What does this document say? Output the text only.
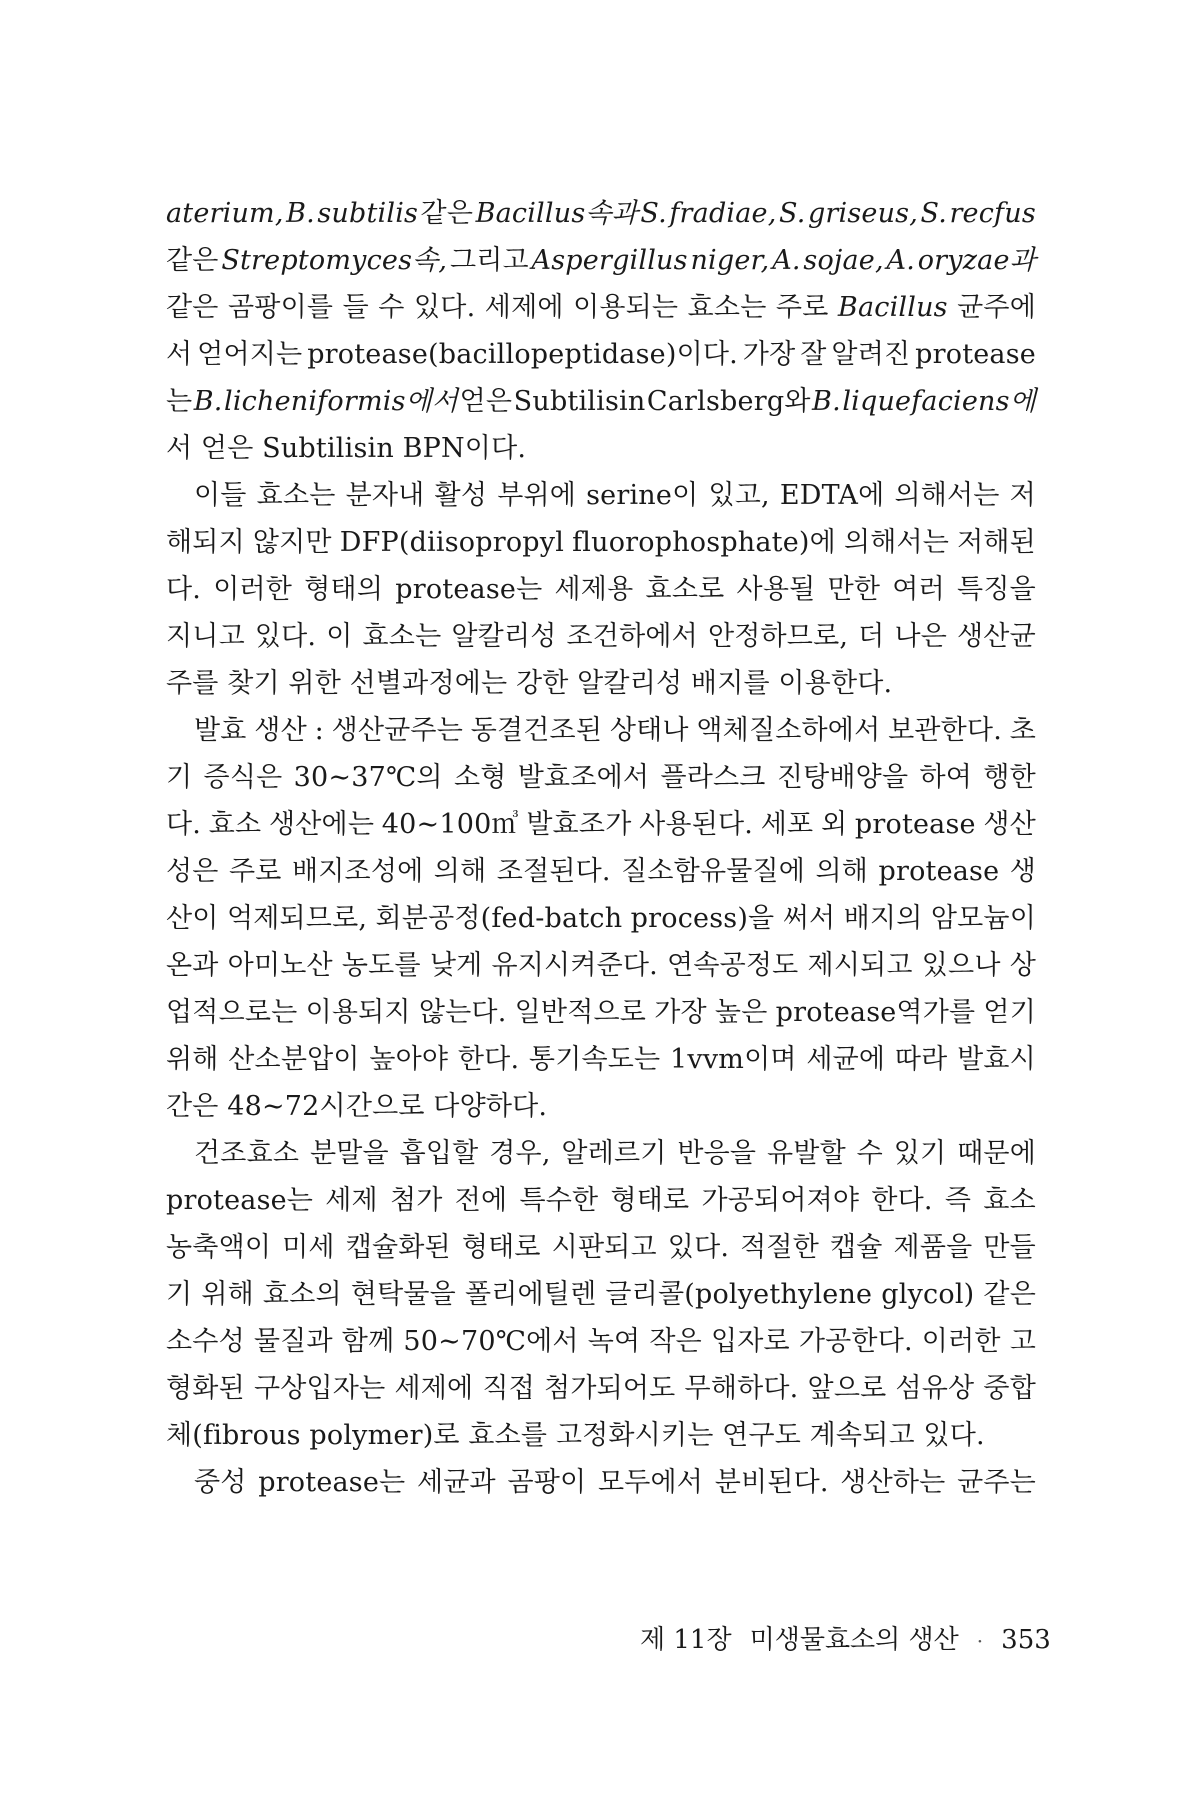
aterium, B. subtilis 같은 Bacillus속과 S. fradiae, S. griseus, S. recfus
같은 Streptomyces속, 그리고 Aspergillus niger, A. sojae, A. oryzae과
같은 곰팡이를 들 수 있다. 세제에 이용되는 효소는 주로 Bacillus 균주에
서 얻어지는 protease(bacillopeptidase)이다. 가장 잘 알려진 protease
는 B. licheniformis에서 얻은 Subtilisin Carlsberg와 B. liquefaciens에
서 얻은 Subtilisin BPN이다.
이들 효소는 분자내 활성 부위에 serine이 있고, EDTA에 의해서는 저
해되지 않지만 DFP(diisopropyl fluorophosphate)에 의해서는 저해된
다. 이러한 형태의 protease는 세제용 효소로 사용될 만한 여러 특징을
지니고 있다. 이 효소는 알칼리성 조건하에서 안정하므로, 더 나은 생산균
주를 찾기 위한 선별과정에는 강한 알칼리성 배지를 이용한다.
발효 생산 : 생산균주는 동결건조된 상태나 액체질소하에서 보관한다. 초
기 증식은 30∼37℃의 소형 발효조에서 플라스크 진탕배양을 하여 행한
다. 효소 생산에는 40∼100㎥ 발효조가 사용된다. 세포 외 protease 생산
성은 주로 배지조성에 의해 조절된다. 질소함유물질에 의해 protease 생
산이 억제되므로, 회분공정(fed-batch process)을 써서 배지의 암모늄이
온과 아미노산 농도를 낮게 유지시켜준다. 연속공정도 제시되고 있으나 상
업적으로는 이용되지 않는다. 일반적으로 가장 높은 protease역가를 얻기
위해 산소분압이 높아야 한다. 통기속도는 1vvm이며 세균에 따라 발효시
간은 48∼72시간으로 다양하다.
건조효소 분말을 흡입할 경우, 알레르기 반응을 유발할 수 있기 때문에
protease는 세제 첨가 전에 특수한 형태로 가공되어져야 한다. 즉 효소
농축액이 미세 캡슐화된 형태로 시판되고 있다. 적절한 캡슐 제품을 만들
기 위해 효소의 현탁물을 폴리에틸렌 글리콜(polyethylene glycol) 같은
소수성 물질과 함께 50∼70℃에서 녹여 작은 입자로 가공한다. 이러한 고
형화된 구상입자는 세제에 직접 첨가되어도 무해하다. 앞으로 섬유상 중합
체(fibrous polymer)로 효소를 고정화시키는 연구도 계속되고 있다.
중성 protease는 세균과 곰팡이 모두에서 분비된다. 생산하는 균주는
제 11장 미생물효소의 생산 · 353
